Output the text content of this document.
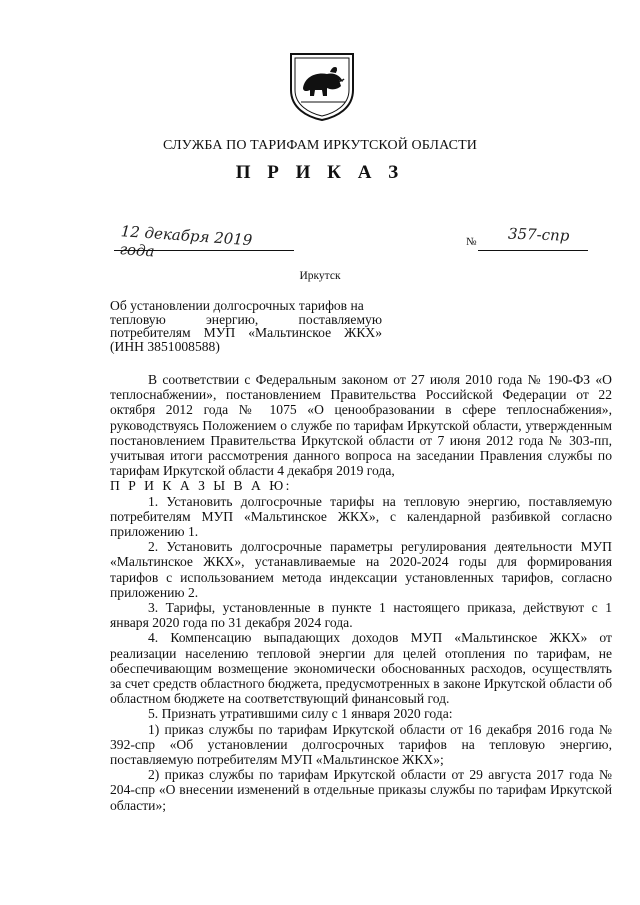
СЛУЖБА ПО ТАРИФАМ ИРКУТСКОЙ ОБЛАСТИ
П Р И К А З
12 декабря 2019 года	№ 357-спр
Иркутск
Об установлении долгосрочных тарифов на
тепловую энергию, поставляемую
потребителям МУП «Мальтинское ЖКХ»
(ИНН 3851008588)

В соответствии с Федеральным законом от 27 июля 2010 года № 190-ФЗ «О теплоснабжении», постановлением Правительства Российской Федерации от 22 октября 2012 года № 1075 «О ценообразовании в сфере теплоснабжения», руководствуясь Положением о службе по тарифам Иркутской области, утвержденным постановлением Правительства Иркутской области от 7 июня 2012 года № 303-пп, учитывая итоги рассмотрения данного вопроса на заседании Правления службы по тарифам Иркутской области 4 декабря 2019 года,

П Р И К А З Ы В А Ю:

1. Установить долгосрочные тарифы на тепловую энергию, поставляемую потребителям МУП «Мальтинское ЖКХ», с календарной разбивкой согласно приложению 1.

2. Установить долгосрочные параметры регулирования деятельности МУП «Мальтинское ЖКХ», устанавливаемые на 2020-2024 годы для формирования тарифов с использованием метода индексации установленных тарифов, согласно приложению 2.

3. Тарифы, установленные в пункте 1 настоящего приказа, действуют с 1 января 2020 года по 31 декабря 2024 года.

4. Компенсацию выпадающих доходов МУП «Мальтинское ЖКХ» от реализации населению тепловой энергии для целей отопления по тарифам, не обеспечивающим возмещение экономически обоснованных расходов, осуществлять за счет средств областного бюджета, предусмотренных в законе Иркутской области об областном бюджете на соответствующий финансовый год.

5. Признать утратившими силу с 1 января 2020 года:

1) приказ службы по тарифам Иркутской области от 16 декабря 2016 года № 392-спр «Об установлении долгосрочных тарифов на тепловую энергию, поставляемую потребителям МУП «Мальтинское ЖКХ»;

2) приказ службы по тарифам Иркутской области от 29 августа 2017 года № 204-спр «О внесении изменений в отдельные приказы службы по тарифам Иркутской области»;
